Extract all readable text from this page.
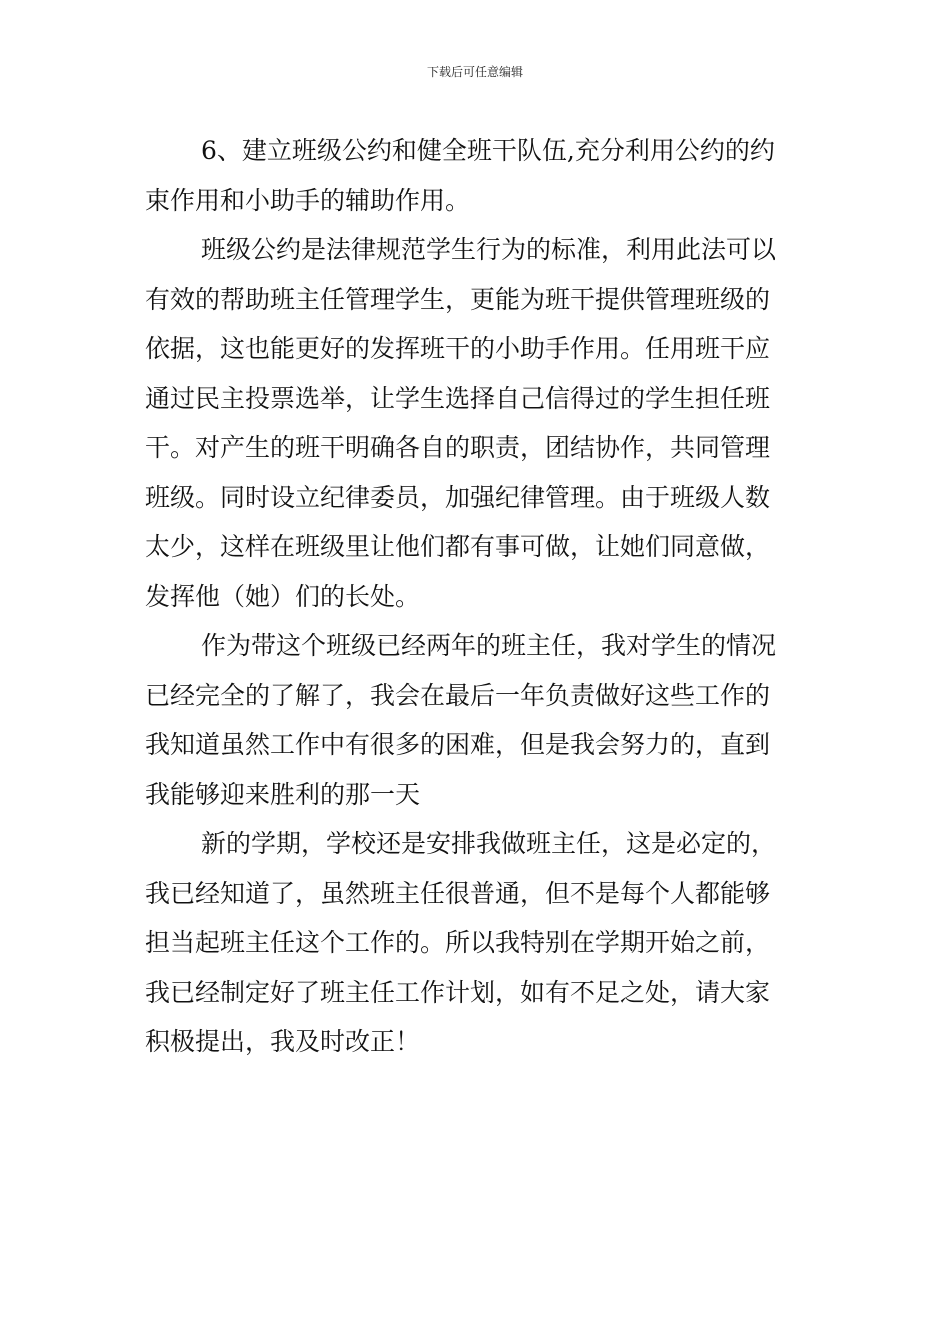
下载后可任意编辑

6、建立班级公约和健全班干队伍,充分利用公约的约
束作用和小助手的辅助作用。

班级公约是法律规范学生行为的标准，利用此法可以
有效的帮助班主任管理学生，更能为班干提供管理班级的
依据，这也能更好的发挥班干的小助手作用。任用班干应
通过民主投票选举，让学生选择自己信得过的学生担任班
干。对产生的班干明确各自的职责，团结协作，共同管理
班级。同时设立纪律委员，加强纪律管理。由于班级人数
太少，这样在班级里让他们都有事可做，让她们同意做，
发挥他（她）们的长处。

作为带这个班级已经两年的班主任，我对学生的情况
已经完全的了解了，我会在最后一年负责做好这些工作的
我知道虽然工作中有很多的困难，但是我会努力的，直到
我能够迎来胜利的那一天

新的学期，学校还是安排我做班主任，这是必定的，
我已经知道了，虽然班主任很普通，但不是每个人都能够
担当起班主任这个工作的。所以我特别在学期开始之前，
我已经制定好了班主任工作计划，如有不足之处，请大家
积极提出，我及时改正！
